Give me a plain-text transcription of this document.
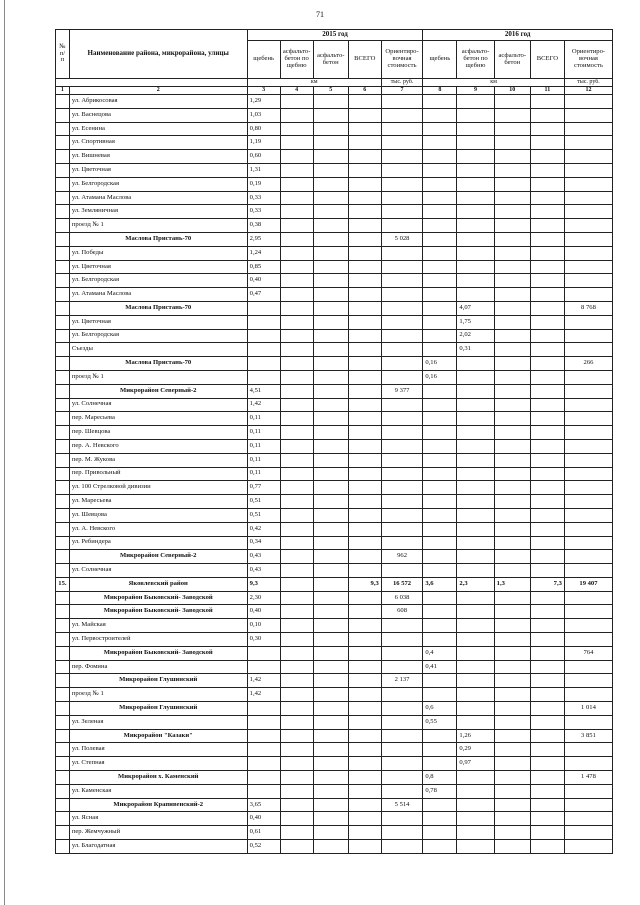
71
№ п/п	Наименование района, микрорайона, улицы	2015 год					2016 год				
		щебень	асфальто-бетон по щебню	асфальто-бетон	ВСЕГО	Ориентиро-вочная стоимость	щебень	асфальто-бетон по щебню	асфальто-бетон	ВСЕГО	Ориентиро-вочная стоимость
		км				тыс. руб.	км				тыс. руб.
1	2	3	4	5	6	7	8	9	10	11	12
	ул. Абрикосовая	1,29									
	ул. Васнецова	1,03									
	ул. Есенина	0,80									
	ул. Спортивная	1,19									
	ул. Вишневая	0,60									
	ул. Цветочная	1,31									
	ул. Белгородская	0,19									
	ул. Атамана Маслова	0,33									
	ул. Земляничная	0,33									
	проезд № 1	0,38									
	Маслова Пристань-70	2,95				5 028					
	ул. Победы	1,24									
	ул. Цветочная	0,85									
	ул. Белгородская	0,40									
	ул. Атамана Маслова	0,47									
	Маслова Пристань-70							4,07			8 768
	ул. Цветочная							1,75			
	ул. Белгородская							2,02			
	Съезды							0,31			
	Маслова Пристань-70						0,16				266
	проезд № 1						0,16				
	Микрорайон Северный-2	4,51				9 377					
	ул. Солнечная	1,42									
	пер. Маресьева	0,11									
	пер. Шевцова	0,11									
	пер. А. Невского	0,11									
	пер. М. Жукова	0,11									
	пер. Привольный	0,11									
	ул. 100 Стрелковой дивизии	0,77									
	ул. Маресьева	0,51									
	ул. Шевцова	0,51									
	ул. А. Невского	0,42									
	ул. Ребиндера	0,34									
	Микрорайон Северный-2	0,43				962					
	ул. Солнечная	0,43									
15.	Яковлевский район	9,3			9,3	16 572	3,6	2,3	1,3	7,3	19 407
	Микрорайон Быковский- Заводской	2,30				6 038					
	Микрорайон Быковский- Заводской	0,40				608					
	ул. Майская	0,10									
	ул. Первостроителей	0,30									
	Микрорайон Быковский- Заводской						0,4				764
	пер. Фомина						0,41				
	Микрорайон Глушинский	1,42				2 137					
	проезд № 1	1,42									
	Микрорайон Глушинский						0,6				1 014
	ул. Зеленая						0,55				
	Микрорайон "Казаки"							1,26			3 851
	ул. Полевая							0,29			
	ул. Степная							0,97			
	Микрорайон х. Каменский						0,8				1 478
	ул. Каменская						0,78				
	Микрорайон Крапивенский-2	3,65				5 514					
	ул. Ясная	0,40									
	пер. Жемчужный	0,61									
	ул. Благодатная	0,52									
